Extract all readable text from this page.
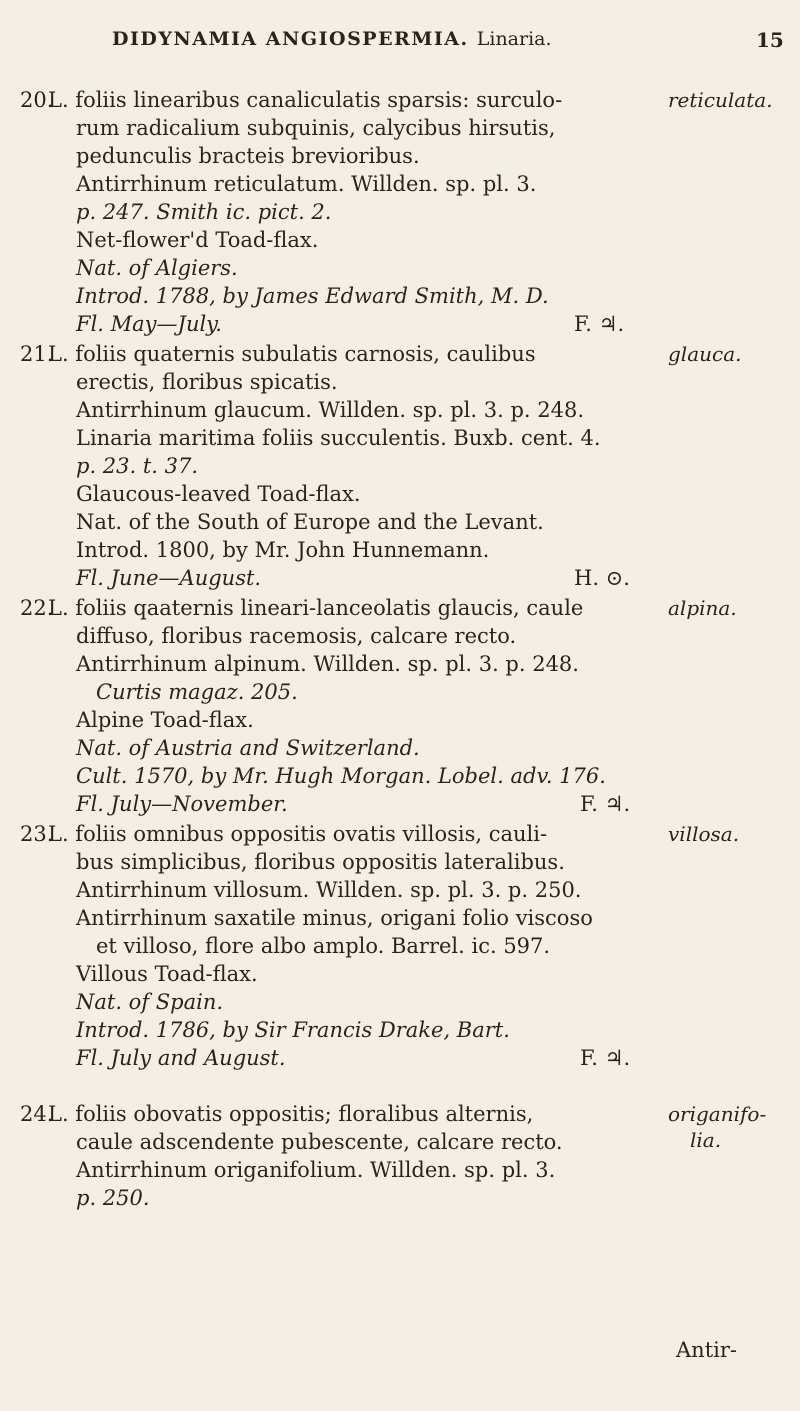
DIDYNAMIA ANGIOSPERMIA. Linaria.	15
20.
L. foliis linearibus canaliculatis sparsis: surculo-	reticulata.
rum radicalium subquinis, calycibus hirsutis,
pedunculis bracteis brevioribus.
Antirrhinum reticulatum. Willden. sp. pl. 3.
p. 247. Smith ic. pict. 2.
Net-flower'd Toad-flax.
Nat. of Algiers.
Introd. 1788, by James Edward Smith, M. D.
Fl. May—July.	F. ♃.
21.
L. foliis quaternis subulatis carnosis, caulibus	glauca.
erectis, floribus spicatis.
Antirrhinum glaucum. Willden. sp. pl. 3. p. 248.
Linaria maritima foliis succulentis. Buxb. cent. 4.
p. 23. t. 37.
Glaucous-leaved Toad-flax.
Nat. of the South of Europe and the Levant.
Introd. 1800, by Mr. John Hunnemann.
Fl. June—August.	H. ⊙.
22.
L. foliis qaaternis lineari-lanceolatis glaucis, caule	alpina.
diffuso, floribus racemosis, calcare recto.
Antirrhinum alpinum. Willden. sp. pl. 3. p. 248.
Curtis magaz. 205.
Alpine Toad-flax.
Nat. of Austria and Switzerland.
Cult. 1570, by Mr. Hugh Morgan. Lobel. adv. 176.
Fl. July—November.	F. ♃.
23.
L. foliis omnibus oppositis ovatis villosis, cauli-	villosa.
bus simplicibus, floribus oppositis lateralibus.
Antirrhinum villosum. Willden. sp. pl. 3. p. 250.
Antirrhinum saxatile minus, origani folio viscoso
et villoso, flore albo amplo. Barrel. ic. 597.
Villous Toad-flax.
Nat. of Spain.
Introd. 1786, by Sir Francis Drake, Bart.
Fl. July and August.	F. ♃.
24.
L. foliis obovatis oppositis; floralibus alternis,	origanifo-
lia.
caule adscendente pubescente, calcare recto.
Antirrhinum origanifolium. Willden. sp. pl. 3.
p. 250.
Antir-
